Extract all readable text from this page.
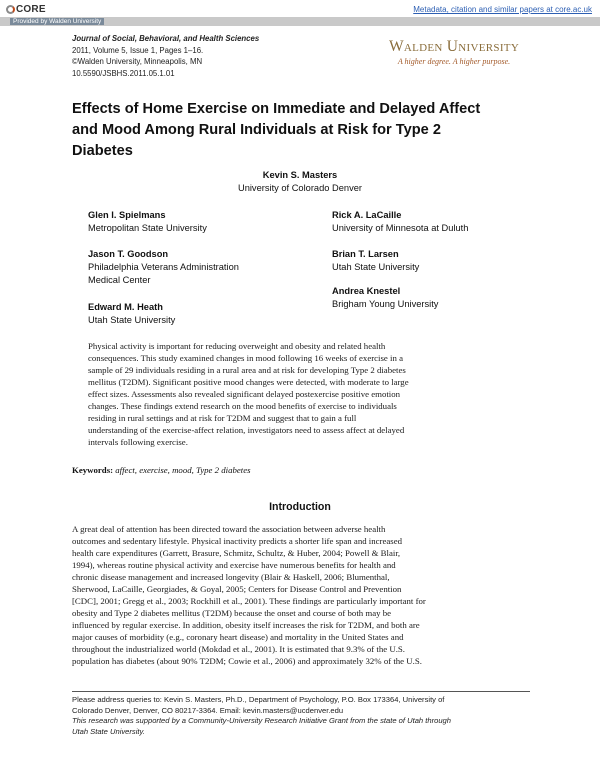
CORE	Metadata, citation and similar papers at core.ac.uk
Provided by Walden University
Journal of Social, Behavioral, and Health Sciences
2011, Volume 5, Issue 1, Pages 1–16.
©Walden University, Minneapolis, MN
10.5590/JSBHS.2011.05.1.01
Walden University
A higher degree. A higher purpose.
Effects of Home Exercise on Immediate and Delayed Affect
and Mood Among Rural Individuals at Risk for Type 2
Diabetes
Kevin S. Masters
University of Colorado Denver
Glen I. Spielmans
Metropolitan State University
Jason T. Goodson
Philadelphia Veterans Administration
Medical Center
Edward M. Heath
Utah State University
Rick A. LaCaille
University of Minnesota at Duluth
Brian T. Larsen
Utah State University
Andrea Knestel
Brigham Young University
Physical activity is important for reducing overweight and obesity and related health
consequences. This study examined changes in mood following 16 weeks of exercise in a
sample of 29 individuals residing in a rural area and at risk for developing Type 2 diabetes
mellitus (T2DM). Significant positive mood changes were detected, with moderate to large
effect sizes. Assessments also revealed significant delayed postexercise positive emotion
changes. These findings extend research on the mood benefits of exercise to individuals
residing in rural settings and at risk for T2DM and suggest that to gain a full
understanding of the exercise-affect relation, investigators need to assess affect at delayed
intervals following exercise.
Keywords: affect, exercise, mood, Type 2 diabetes
Introduction
A great deal of attention has been directed toward the association between adverse health
outcomes and sedentary lifestyle. Physical inactivity predicts a shorter life span and increased
health care expenditures (Garrett, Brasure, Schmitz, Schultz, & Huber, 2004; Powell & Blair,
1994), whereas routine physical activity and exercise have numerous benefits for health and
chronic disease management and increased longevity (Blair & Haskell, 2006; Blumenthal,
Sherwood, LaCaille, Georgiades, & Goyal, 2005; Centers for Disease Control and Prevention
[CDC], 2001; Gregg et al., 2003; Rockhill et al., 2001). These findings are particularly important for
obesity and Type 2 diabetes mellitus (T2DM) because the onset and course of both may be
influenced by regular exercise. In addition, obesity itself increases the risk for T2DM, and both are
major causes of morbidity (e.g., coronary heart disease) and mortality in the United States and
throughout the industrialized world (Mokdad et al., 2001). It is estimated that 9.3% of the U.S.
population has diabetes (about 90% T2DM; Cowie et al., 2006) and approximately 32% of the U.S.
Please address queries to: Kevin S. Masters, Ph.D., Department of Psychology, P.O. Box 173364, University of
Colorado Denver, Denver, CO 80217-3364. Email: kevin.masters@ucdenver.edu
This research was supported by a Community-University Research Initiative Grant from the state of Utah through
Utah State University.
